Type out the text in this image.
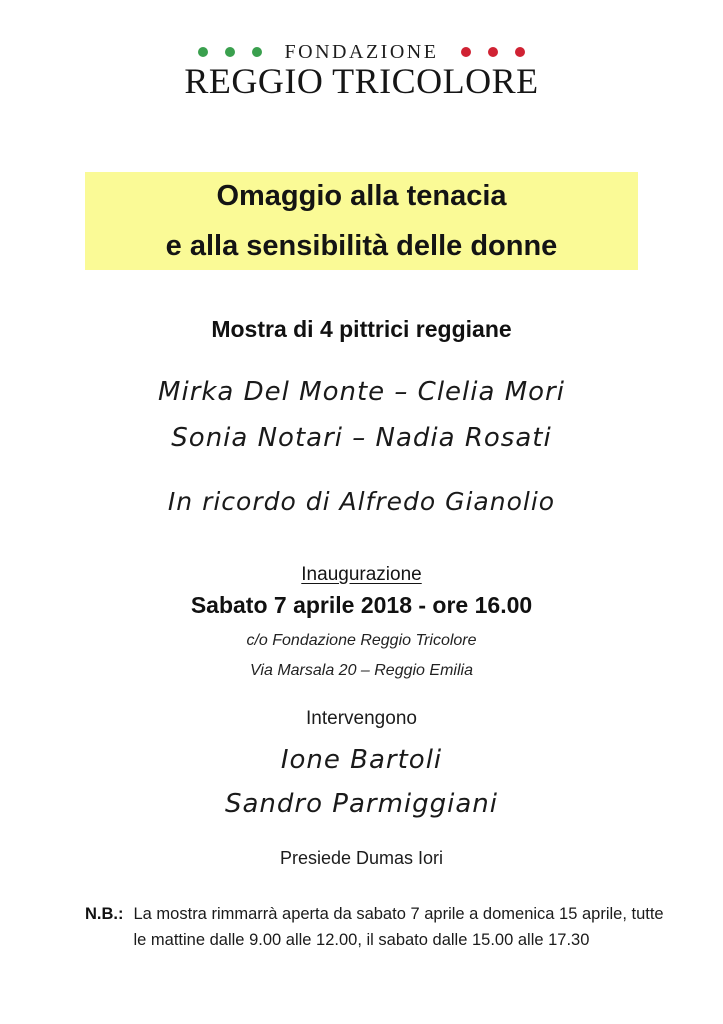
FONDAZIONE
REGGIO TRICOLORE
Omaggio alla tenacia
e alla sensibilità delle donne
Mostra di 4 pittrici reggiane
Mirka Del Monte – Clelia Mori
Sonia Notari – Nadia Rosati
In ricordo di Alfredo Gianolio
Inaugurazione
Sabato 7 aprile 2018 - ore 16.00
c/o Fondazione Reggio Tricolore
Via Marsala 20 – Reggio Emilia
Intervengono
Ione Bartoli
Sandro Parmiggiani
Presiede Dumas Iori
N.B.: La mostra rimmarrà aperta da sabato 7 aprile a domenica 15 aprile, tutte
le mattine dalle 9.00 alle 12.00, il sabato dalle 15.00 alle 17.30
